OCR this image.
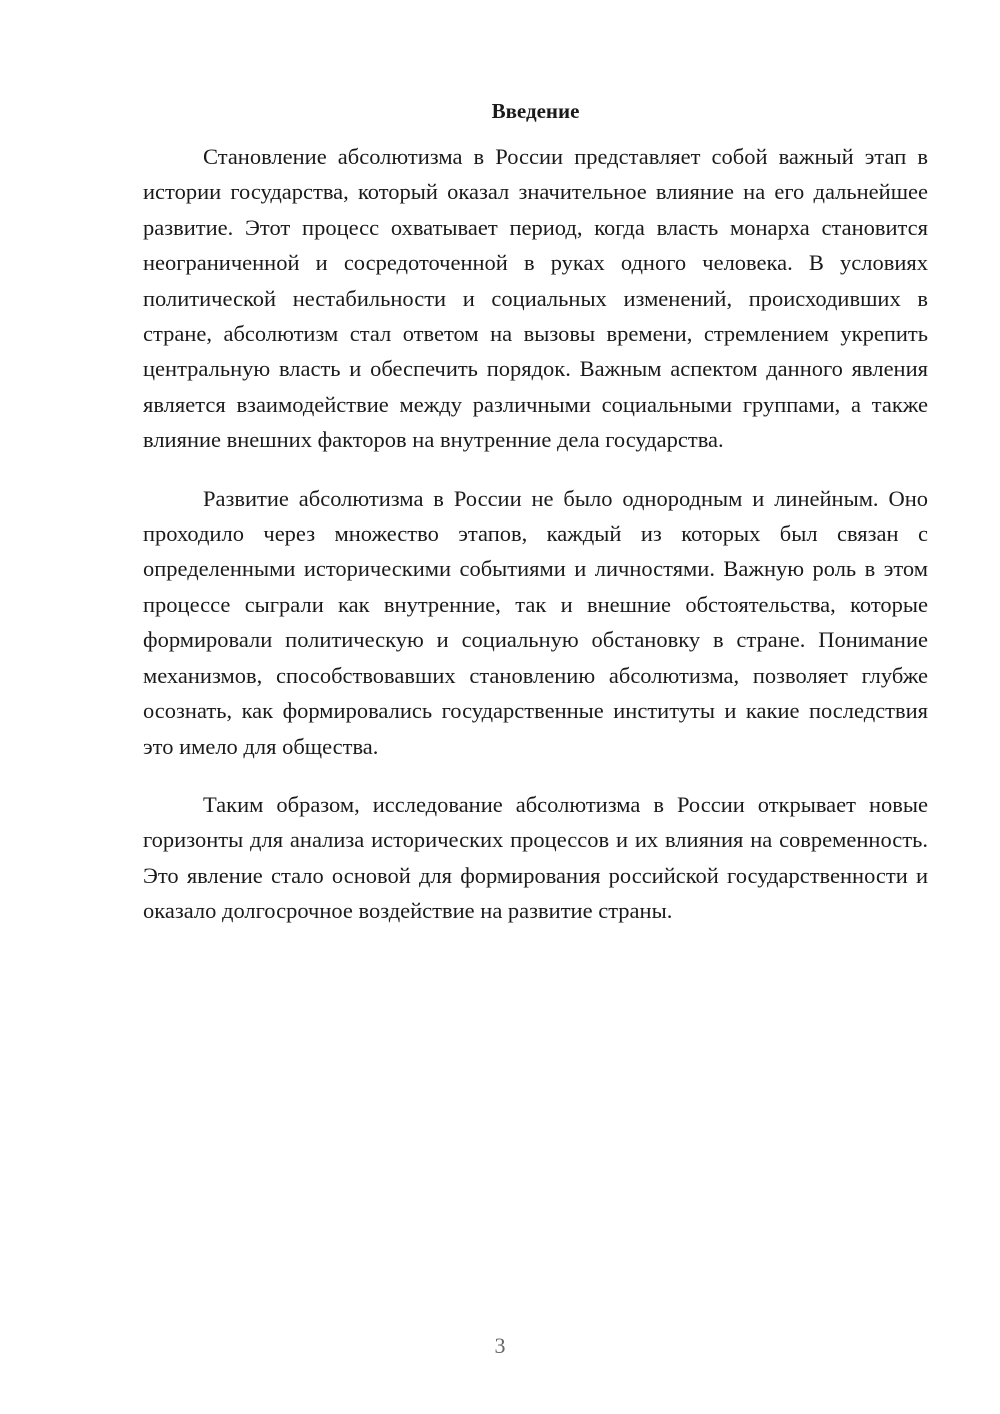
Введение

Становление абсолютизма в России представляет собой важный этап в истории государства, который оказал значительное влияние на его дальнейшее развитие. Этот процесс охватывает период, когда власть монарха становится неограниченной и сосредоточенной в руках одного человека. В условиях политической нестабильности и социальных изменений, происходивших в стране, абсолютизм стал ответом на вызовы времени, стремлением укрепить центральную власть и обеспечить порядок. Важным аспектом данного явления является взаимодействие между различными социальными группами, а также влияние внешних факторов на внутренние дела государства.

Развитие абсолютизма в России не было однородным и линейным. Оно проходило через множество этапов, каждый из которых был связан с определенными историческими событиями и личностями. Важную роль в этом процессе сыграли как внутренние, так и внешние обстоятельства, которые формировали политическую и социальную обстановку в стране. Понимание механизмов, способствовавших становлению абсолютизма, позволяет глубже осознать, как формировались государственные институты и какие последствия это имело для общества.

Таким образом, исследование абсолютизма в России открывает новые горизонты для анализа исторических процессов и их влияния на современность. Это явление стало основой для формирования российской государственности и оказало долгосрочное воздействие на развитие страны.

3
